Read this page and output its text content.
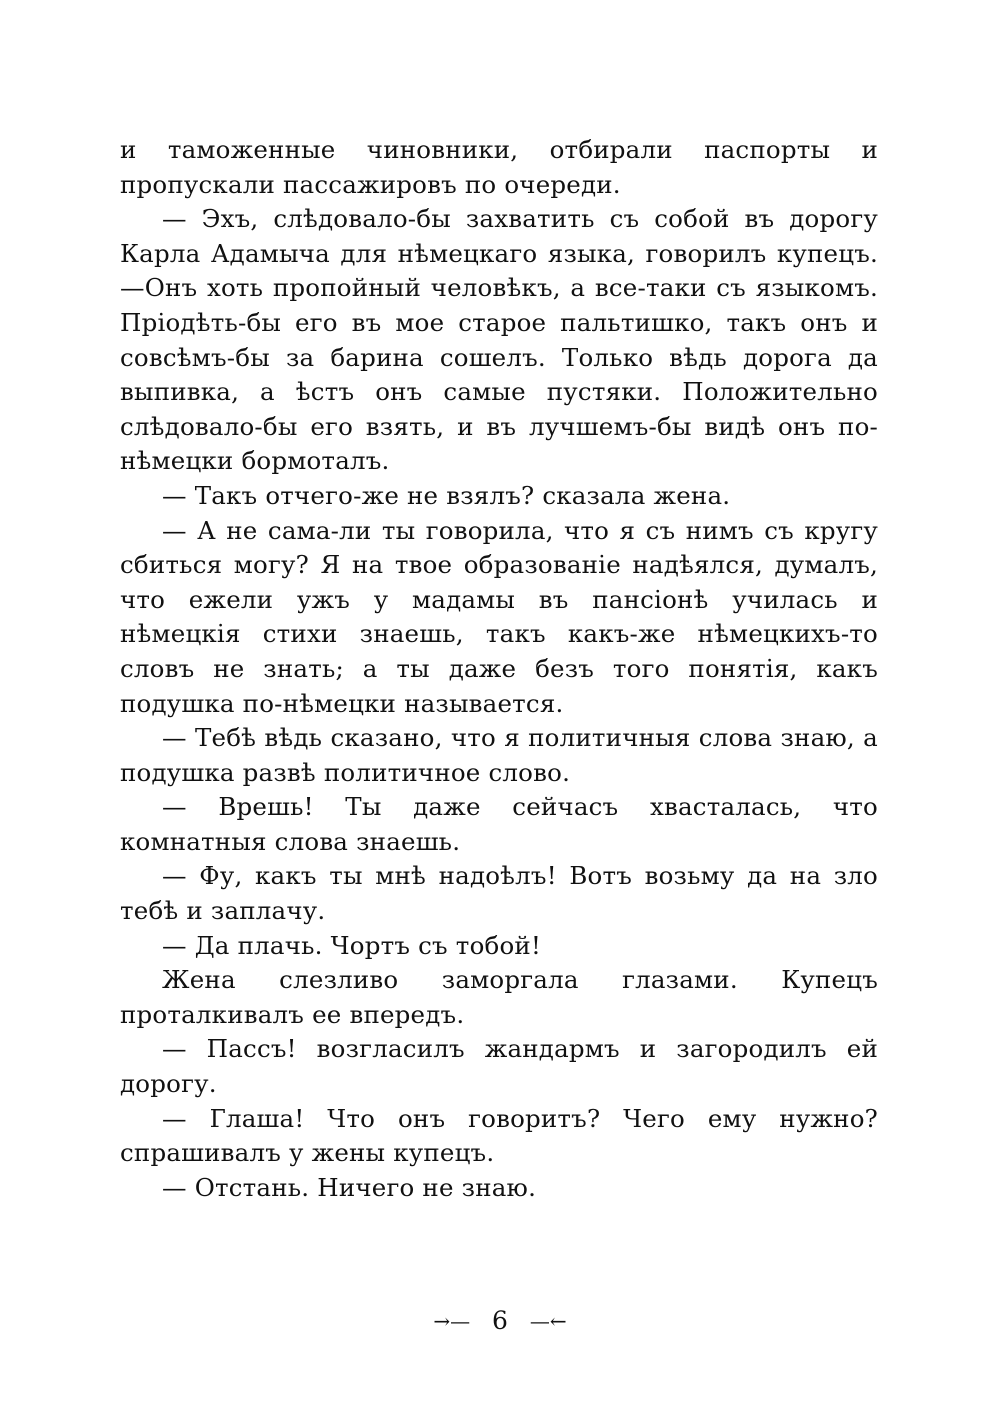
и таможенные чиновники, отбирали паспорты и пропускали пассажировъ по очереди.

— Эхъ, слѣдовало-бы захватить съ собой въ дорогу Карла Адамыча для нѣмецкаго языка, говорилъ купецъ.—Онъ хоть пропойный человѣкъ, а все-таки съ языкомъ. Пріодѣть-бы его въ мое старое пальтишко, такъ онъ и совсѣмъ-бы за барина сошелъ. Только вѣдь дорога да выпивка, а ѣстъ онъ самые пустяки. Положительно слѣдовало-бы его взять, и въ лучшемъ-бы видѣ онъ по-нѣмецки бормоталъ.

— Такъ отчего-же не взялъ? сказала жена.

— А не сама-ли ты говорила, что я съ нимъ съ кругу сбиться могу? Я на твое образованіе надѣялся, думалъ, что ежели ужъ у мадамы въ пансіонѣ училась и нѣмецкія стихи знаешь, такъ какъ-же нѣмецкихъ-то словъ не знать; а ты даже безъ того понятія, какъ подушка по-нѣмецки называется.

— Тебѣ вѣдь сказано, что я политичныя слова знаю, а подушка развѣ политичное слово.

— Врешь! Ты даже сейчасъ хвасталась, что комнатныя слова знаешь.

— Фу, какъ ты мнѣ надоѣлъ! Вотъ возьму да на зло тебѣ и заплачу.

— Да плачь. Чортъ съ тобой!

Жена слезливо заморгала глазами. Купецъ проталкивалъ ее впередъ.

— Пассъ! возгласилъ жандармъ и загородилъ ей дорогу.

— Глаша! Что онъ говоритъ? Чего ему нужно? спрашивалъ у жены купецъ.

— Отстань. Ничего не знаю.

→— 6 —←
